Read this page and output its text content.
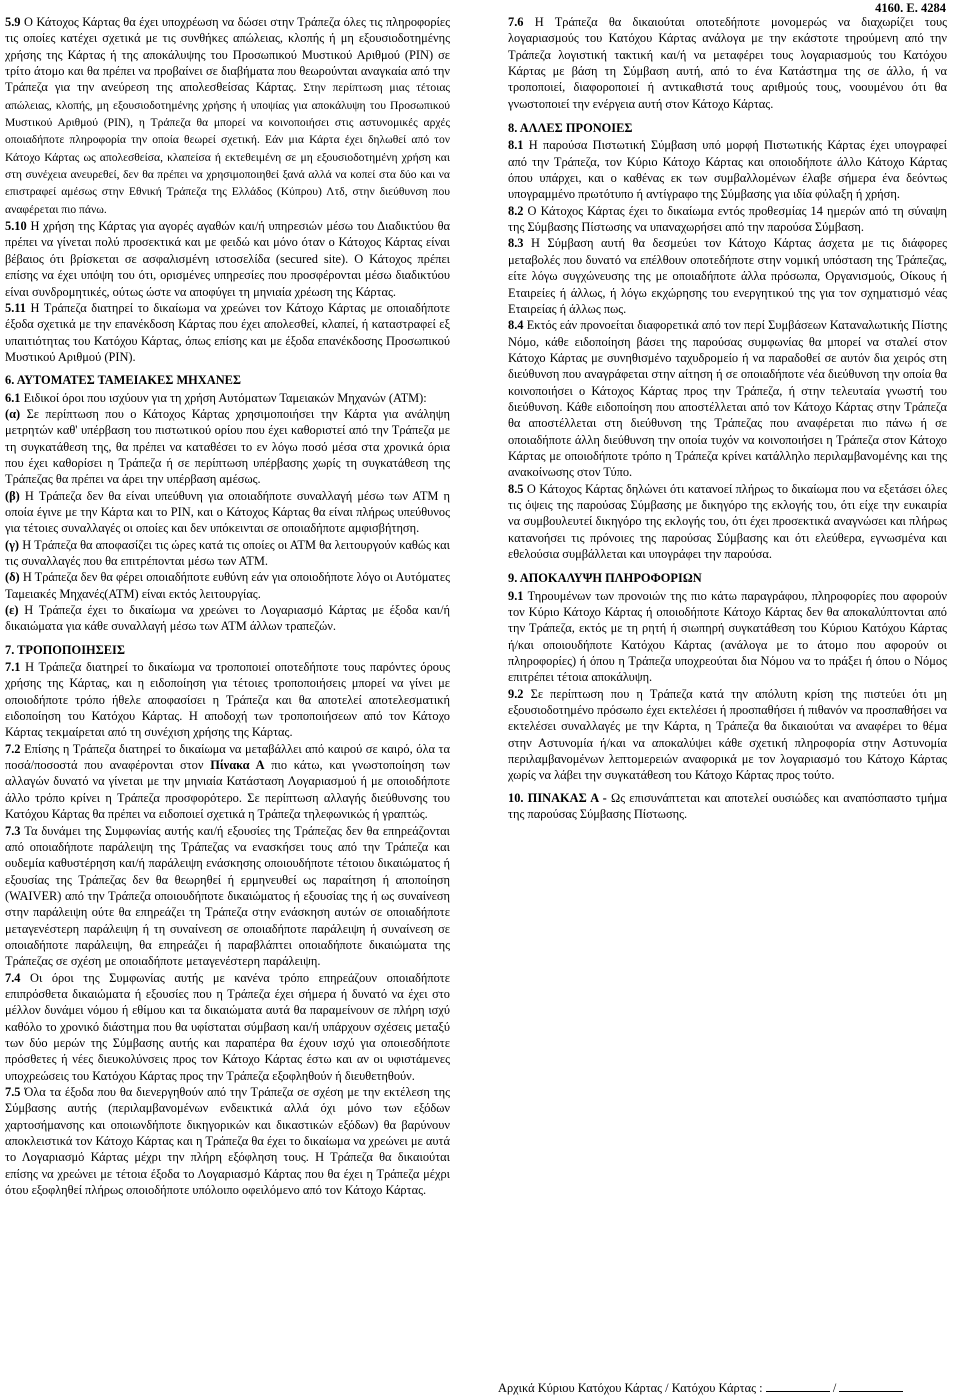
4160. Ε. 4284

5.9 Ο Κάτοχος Κάρτας θα έχει υποχρέωση να δώσει στην Τράπεζα όλες τις πληροφορίες τις οποίες κατέχει σχετικά με τις συνθήκες απώλειας, κλοπής ή μη εξουσιοδοτημένης χρήσης της Κάρτας ή της αποκάλυψης του Προσωπικού Μυστικού Αριθμού (PIN) σε τρίτο άτομο και θα πρέπει να προβαίνει σε διαβήματα που θεωρούνται αναγκαία από την Τράπεζα για την ανεύρεση της απολεσθείσας Κάρτας. Στην περίπτωση μιας τέτοιας απώλειας, κλοπής, μη εξουσιοδοτημένης χρήσης ή υποψίας για αποκάλυψη του Προσωπικού Μυστικού Αριθμού (PIN), η Τράπεζα θα μπορεί να κοινοποιήσει στις αστυνομικές αρχές οποιαδήποτε πληροφορία την οποία θεωρεί σχετική. Εάν μια Κάρτα έχει δηλωθεί από τον Κάτοχο Κάρτας ως απολεσθείσα, κλαπείσα ή εκτεθειμένη σε μη εξουσιοδοτημένη χρήση και στη συνέχεια ανευρεθεί, δεν θα πρέπει να χρησιμοποιηθεί ξανά αλλά να κοπεί στα δύο και να επιστραφεί αμέσως στην Εθνική Τράπεζα της Ελλάδος (Κύπρου) Λτδ, στην διεύθυνση που αναφέρεται πιο πάνω.

5.10 Η χρήση της Κάρτας για αγορές αγαθών και/ή υπηρεσιών μέσω του Διαδικτύου θα πρέπει να γίνεται πολύ προσεκτικά και με φειδώ και μόνο όταν ο Κάτοχος Κάρτας είναι βέβαιος ότι βρίσκεται σε ασφαλισμένη ιστοσελίδα (secured site). Ο Κάτοχος πρέπει επίσης να έχει υπόψη του ότι, ορισμένες υπηρεσίες που προσφέρονται μέσω διαδικτύου είναι συνδρομητικές, ούτως ώστε να αποφύγει τη μηνιαία χρέωση της Κάρτας.

5.11 Η Τράπεζα διατηρεί το δικαίωμα να χρεώνει τον Κάτοχο Κάρτας με οποιαδήποτε έξοδα σχετικά με την επανέκδοση Κάρτας που έχει απολεσθεί, κλαπεί, ή καταστραφεί εξ υπαιτιότητας του Κατόχου Κάρτας, όπως επίσης και με έξοδα επανέκδοσης Προσωπικού Μυστικού Αριθμού (PIN).

6. ΑΥΤΟΜΑΤΕΣ ΤΑΜΕΙΑΚΕΣ ΜΗΧΑΝΕΣ

6.1 Ειδικοί όροι που ισχύουν για τη χρήση Αυτόματων Ταμειακών Μηχανών (ΑΤΜ):

(α) Σε περίπτωση που ο Κάτοχος Κάρτας χρησιμοποιήσει την Κάρτα για ανάληψη μετρητών καθ' υπέρβαση του πιστωτικού ορίου που έχει καθοριστεί από την Τράπεζα με τη συγκατάθεση της, θα πρέπει να καταθέσει το εν λόγω ποσό μέσα στα χρονικά όρια που έχει καθορίσει η Τράπεζα ή σε περίπτωση υπέρβασης χωρίς τη συγκατάθεση της Τράπεζας θα πρέπει να άρει την υπέρβαση αμέσως.

(β) Η Τράπεζα δεν θα είναι υπεύθυνη για οποιαδήποτε συναλλαγή μέσω των ΑΤΜ η οποία έγινε με την Κάρτα και το PIN, και ο Κάτοχος Κάρτας θα είναι πλήρως υπεύθυνος για τέτοιες συναλλαγές οι οποίες και δεν υπόκεινται σε οποιαδήποτε αμφισβήτηση.

(γ) Η Τράπεζα θα αποφασίζει τις ώρες κατά τις οποίες οι ΑΤΜ θα λειτουργούν καθώς και τις συναλλαγές που θα επιτρέπονται μέσω των ΑΤΜ.

(δ) Η Τράπεζα δεν θα φέρει οποιαδήποτε ευθύνη εάν για οποιοδήποτε λόγο οι Αυτόματες Ταμειακές Μηχανές(ΑΤΜ) είναι εκτός λειτουργίας.

(ε) Η Τράπεζα έχει το δικαίωμα να χρεώνει το Λογαριασμό Κάρτας με έξοδα και/ή δικαιώματα για κάθε συναλλαγή μέσω των ΑΤΜ άλλων τραπεζών.

7. ΤΡΟΠΟΠΟΙΗΣΕΙΣ

7.1 Η Τράπεζα διατηρεί το δικαίωμα να τροποποιεί οποτεδήποτε τους παρόντες όρους χρήσης της Κάρτας, και η ειδοποίηση για τέτοιες τροποποιήσεις μπορεί να γίνει με οποιοδήποτε τρόπο ήθελε αποφασίσει η Τράπεζα και θα αποτελεί αποτελεσματική ειδοποίηση του Κατόχου Κάρτας. Η αποδοχή των τροποποιήσεων από τον Κάτοχο Κάρτας τεκμαίρεται από τη συνέχιση χρήσης της Κάρτας.

7.2 Επίσης η Τράπεζα διατηρεί το δικαίωμα να μεταβάλλει από καιρού σε καιρό, όλα τα ποσά/ποσοστά που αναφέρονται στον Πίνακα Α πιο κάτω, και γνωστοποίηση των αλλαγών δυνατό να γίνεται με την μηνιαία Κατάσταση Λογαριασμού ή με οποιοδήποτε άλλο τρόπο κρίνει η Τράπεζα προσφορότερο. Σε περίπτωση αλλαγής διεύθυνσης του Κατόχου Κάρτας θα πρέπει να ειδοποιεί σχετικά η Τράπεζα τηλεφωνικώς ή γραπτώς.

7.3 Τα δυνάμει της Συμφωνίας αυτής και/ή εξουσίες της Τράπεζας δεν θα επηρεάζονται από οποιαδήποτε παράλειψη της Τράπεζας να ενασκήσει τους από την Τράπεζα και ουδεμία καθυστέρηση και/ή παράλειψη ενάσκησης οποιουδήποτε τέτοιου δικαιώματος ή εξουσίας της Τράπεζας δεν θα θεωρηθεί ή ερμηνευθεί ως παραίτηση ή αποποίηση (WAIVER) από την Τράπεζα οποιουδήποτε δικαιώματος ή εξουσίας της ή ως συναίνεση στην παράλειψη ούτε θα επηρεάζει τη Τράπεζα στην ενάσκηση αυτών σε οποιαδήποτε μεταγενέστερη παράλειψη ή τη συναίνεση σε οποιαδήποτε παράλειψη ή συναίνεση σε οποιαδήποτε παράλειψη, θα επηρεάζει ή παραβλάπτει οποιαδήποτε δικαιώματα της Τράπεζας σε σχέση με οποιαδήποτε μεταγενέστερη παράλειψη.

7.4 Οι όροι της Συμφωνίας αυτής με κανένα τρόπο επηρεάζουν οποιαδήποτε επιπρόσθετα δικαιώματα ή εξουσίες που η Τράπεζα έχει σήμερα ή δυνατό να έχει στο μέλλον δυνάμει νόμου ή εθίμου και τα δικαιώματα αυτά θα παραμείνουν σε πλήρη ισχύ καθόλο το χρονικό διάστημα που θα υφίσταται σύμβαση και/ή υπάρχουν σχέσεις μεταξύ των δύο μερών της Σύμβασης αυτής και παραπέρα θα έχουν ισχύ για οποιεσδήποτε πρόσθετες ή νέες διευκολύνσεις προς τον Κάτοχο Κάρτας έστω και αν οι υφιστάμενες υποχρεώσεις του Κατόχου Κάρτας προς την Τράπεζα εξοφληθούν ή διευθετηθούν.

7.5 Όλα τα έξοδα που θα διενεργηθούν από την Τράπεζα σε σχέση με την εκτέλεση της Σύμβασης αυτής (περιλαμβανομένων ενδεικτικά αλλά όχι μόνο των εξόδων χαρτοσήμανσης και οποιωνδήποτε δικηγορικών και δικαστικών εξόδων) θα βαρύνουν αποκλειστικά τον Κάτοχο Κάρτας και η Τράπεζα θα έχει το δικαίωμα να χρεώνει με αυτά το Λογαριασμό Κάρτας μέχρι την πλήρη εξόφληση τους. Η Τράπεζα θα δικαιούται επίσης να χρεώνει με τέτοια έξοδα το Λογαριασμό Κάρτας που θα έχει η Τράπεζα μέχρι ότου εξοφληθεί πλήρως οποιοδήποτε υπόλοιπο οφειλόμενο από τον Κάτοχο Κάρτας.

7.6 Η Τράπεζα θα δικαιούται οποτεδήποτε μονομερώς να διαχωρίζει τους λογαριασμούς του Κατόχου Κάρτας ανάλογα με την εκάστοτε τηρούμενη από την Τράπεζα λογιστική τακτική και/ή να μεταφέρει τους λογαριασμούς του Κατόχου Κάρτας με βάση τη Σύμβαση αυτή, από το ένα Κατάστημα της σε άλλο, ή να τροποποιεί, διαφοροποιεί ή αντικαθιστά τους αριθμούς τους, νοουμένου ότι θα γνωστοποιεί την ενέργεια αυτή στον Κάτοχο Κάρτας.

8. ΑΛΛΕΣ ΠΡΟΝΟΙΕΣ

8.1 Η παρούσα Πιστωτική Σύμβαση υπό μορφή Πιστωτικής Κάρτας έχει υπογραφεί από την Τράπεζα, τον Κύριο Κάτοχο Κάρτας και οποιοδήποτε άλλο Κάτοχο Κάρτας όπου υπάρχει, και ο καθένας εκ των συμβαλλομένων έλαβε σήμερα ένα δεόντως υπογραμμένο πρωτότυπο ή αντίγραφο της Σύμβασης για ιδία φύλαξη ή χρήση.

8.2 Ο Κάτοχος Κάρτας έχει το δικαίωμα εντός προθεσμίας 14 ημερών από τη σύναψη της Σύμβασης Πίστωσης να υπαναχωρήσει από την παρούσα Σύμβαση.

8.3 Η Σύμβαση αυτή θα δεσμεύει τον Κάτοχο Κάρτας άσχετα με τις διάφορες μεταβολές που δυνατό να επέλθουν οποτεδήποτε στην νομική υπόσταση της Τράπεζας, είτε λόγω συγχώνευσης της με οποιαδήποτε άλλα πρόσωπα, Οργανισμούς, Οίκους ή Εταιρείες ή άλλως, ή λόγω εκχώρησης του ενεργητικού της για τον σχηματισμό νέας Εταιρείας ή άλλως πως.

8.4 Εκτός εάν προνοείται διαφορετικά από τον περί Συμβάσεων Καταναλωτικής Πίστης Νόμο, κάθε ειδοποίηση βάσει της παρούσας συμφωνίας θα μπορεί να σταλεί στον Κάτοχο Κάρτας με συνηθισμένο ταχυδρομείο ή να παραδοθεί σε αυτόν δια χειρός στη διεύθυνση που αναγράφεται στην αίτηση ή σε οποιαδήποτε νέα διεύθυνση την οποία θα κοινοποιήσει ο Κάτοχος Κάρτας προς την Τράπεζα, ή στην τελευταία γνωστή του διεύθυνση. Κάθε ειδοποίηση που αποστέλλεται από τον Κάτοχο Κάρτας στην Τράπεζα θα αποστέλλεται στη διεύθυνση της Τράπεζας που αναφέρεται πιο πάνω ή σε οποιαδήποτε άλλη διεύθυνση την οποία τυχόν να κοινοποιήσει η Τράπεζα στον Κάτοχο Κάρτας με οποιοδήποτε τρόπο η Τράπεζα κρίνει κατάλληλο περιλαμβανομένης και της ανακοίνωσης στον Τύπο.

8.5 Ο Κάτοχος Κάρτας δηλώνει ότι κατανοεί πλήρως το δικαίωμα που να εξετάσει όλες τις όψεις της παρούσας Σύμβασης με δικηγόρο της εκλογής του, ότι είχε την ευκαιρία να συμβουλευτεί δικηγόρο της εκλογής του, ότι έχει προσεκτικά αναγνώσει και πλήρως κατανοήσει τις πρόνοιες της παρούσας Σύμβασης και ότι ελεύθερα, εγνωσμένα και εθελούσια συμβάλλεται και υπογράφει την παρούσα.

9. ΑΠΟΚΑΛΥΨΗ ΠΛΗΡΟΦΟΡΙΩΝ

9.1 Τηρουμένων των προνοιών της πιο κάτω παραγράφου, πληροφορίες που αφορούν τον Κύριο Κάτοχο Κάρτας ή οποιοδήποτε Κάτοχο Κάρτας δεν θα αποκαλύπτονται από την Τράπεζα, εκτός με τη ρητή ή σιωπηρή συγκατάθεση του Κύριου Κατόχου Κάρτας ή/και οποιουδήποτε Κατόχου Κάρτας (ανάλογα με το άτομο που αφορούν οι πληροφορίες) ή όπου η Τράπεζα υποχρεούται δια Νόμου να το πράξει ή όπου ο Νόμος επιτρέπει τέτοια αποκάλυψη.

9.2 Σε περίπτωση που η Τράπεζα κατά την απόλυτη κρίση της πιστεύει ότι μη εξουσιοδοτημένο πρόσωπο έχει εκτελέσει ή προσπαθήσει ή πιθανόν να προσπαθήσει να εκτελέσει συναλλαγές με την Κάρτα, η Τράπεζα θα δικαιούται να αναφέρει το θέμα στην Αστυνομία ή/και να αποκαλύψει κάθε σχετική πληροφορία στην Αστυνομία περιλαμβανομένων λεπτομερειών αναφορικά με τον λογαριασμό του Κάτοχο Κάρτας χωρίς να λάβει την συγκατάθεση του Κάτοχο Κάρτας προς τούτο.

10. ΠΙΝΑΚΑΣ Α - Ως επισυνάπτεται και αποτελεί ουσιώδες και αναπόσπαστο τμήμα της παρούσας Σύμβασης Πίστωσης.

Αρχικά Κύριου Κατόχου Κάρτας / Κατόχου Κάρτας :	/
